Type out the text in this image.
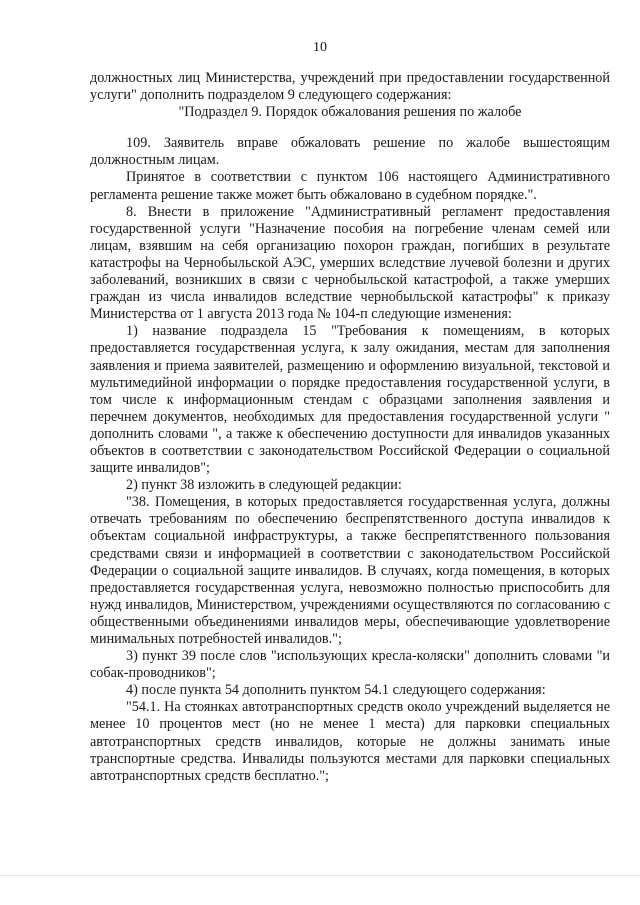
10

должностных лиц Министерства, учреждений при предоставлении государственной услуги" дополнить подразделом 9 следующего содержания:

"Подраздел 9. Порядок обжалования решения по жалобе

109. Заявитель вправе обжаловать решение по жалобе вышестоящим должностным лицам.

Принятое в соответствии с пунктом 106 настоящего Административного регламента решение также может быть обжаловано в судебном порядке.".

8. Внести в приложение "Административный регламент предоставления государственной услуги "Назначение пособия на погребение членам семей или лицам, взявшим на себя организацию похорон граждан, погибших в результате катастрофы на Чернобыльской АЭС, умерших вследствие лучевой болезни и других заболеваний, возникших в связи с чернобыльской катастрофой, а также умерших граждан из числа инвалидов вследствие чернобыльской катастрофы" к приказу Министерства от 1 августа 2013 года № 104-п следующие изменения:

1) название подраздела 15 "Требования к помещениям, в которых предоставляется государственная услуга, к залу ожидания, местам для заполнения заявления и приема заявителей, размещению и оформлению визуальной, текстовой и мультимедийной информации о порядке предоставления государственной услуги, в том числе к информационным стендам с образцами заполнения заявления и перечнем документов, необходимых для предоставления государственной услуги " дополнить словами ", а также к обеспечению доступности для инвалидов указанных объектов в соответствии с законодательством Российской Федерации о социальной защите инвалидов";

2) пункт 38 изложить в следующей редакции:

"38. Помещения, в которых предоставляется государственная услуга, должны отвечать требованиям по обеспечению беспрепятственного доступа инвалидов к объектам социальной инфраструктуры, а также беспрепятственного пользования средствами связи и информацией в соответствии с законодательством Российской Федерации о социальной защите инвалидов. В случаях, когда помещения, в которых предоставляется государственная услуга, невозможно полностью приспособить для нужд инвалидов, Министерством, учреждениями осуществляются по согласованию с общественными объединениями инвалидов меры, обеспечивающие удовлетворение минимальных потребностей инвалидов.";

3) пункт 39 после слов "использующих кресла-коляски" дополнить словами "и собак-проводников";

4) после пункта 54 дополнить пунктом 54.1 следующего содержания:

"54.1. На стоянках автотранспортных средств около учреждений выделяется не менее 10 процентов мест (но не менее 1 места) для парковки специальных автотранспортных средств инвалидов, которые не должны занимать иные транспортные средства. Инвалиды пользуются местами для парковки специальных автотранспортных средств бесплатно.";
